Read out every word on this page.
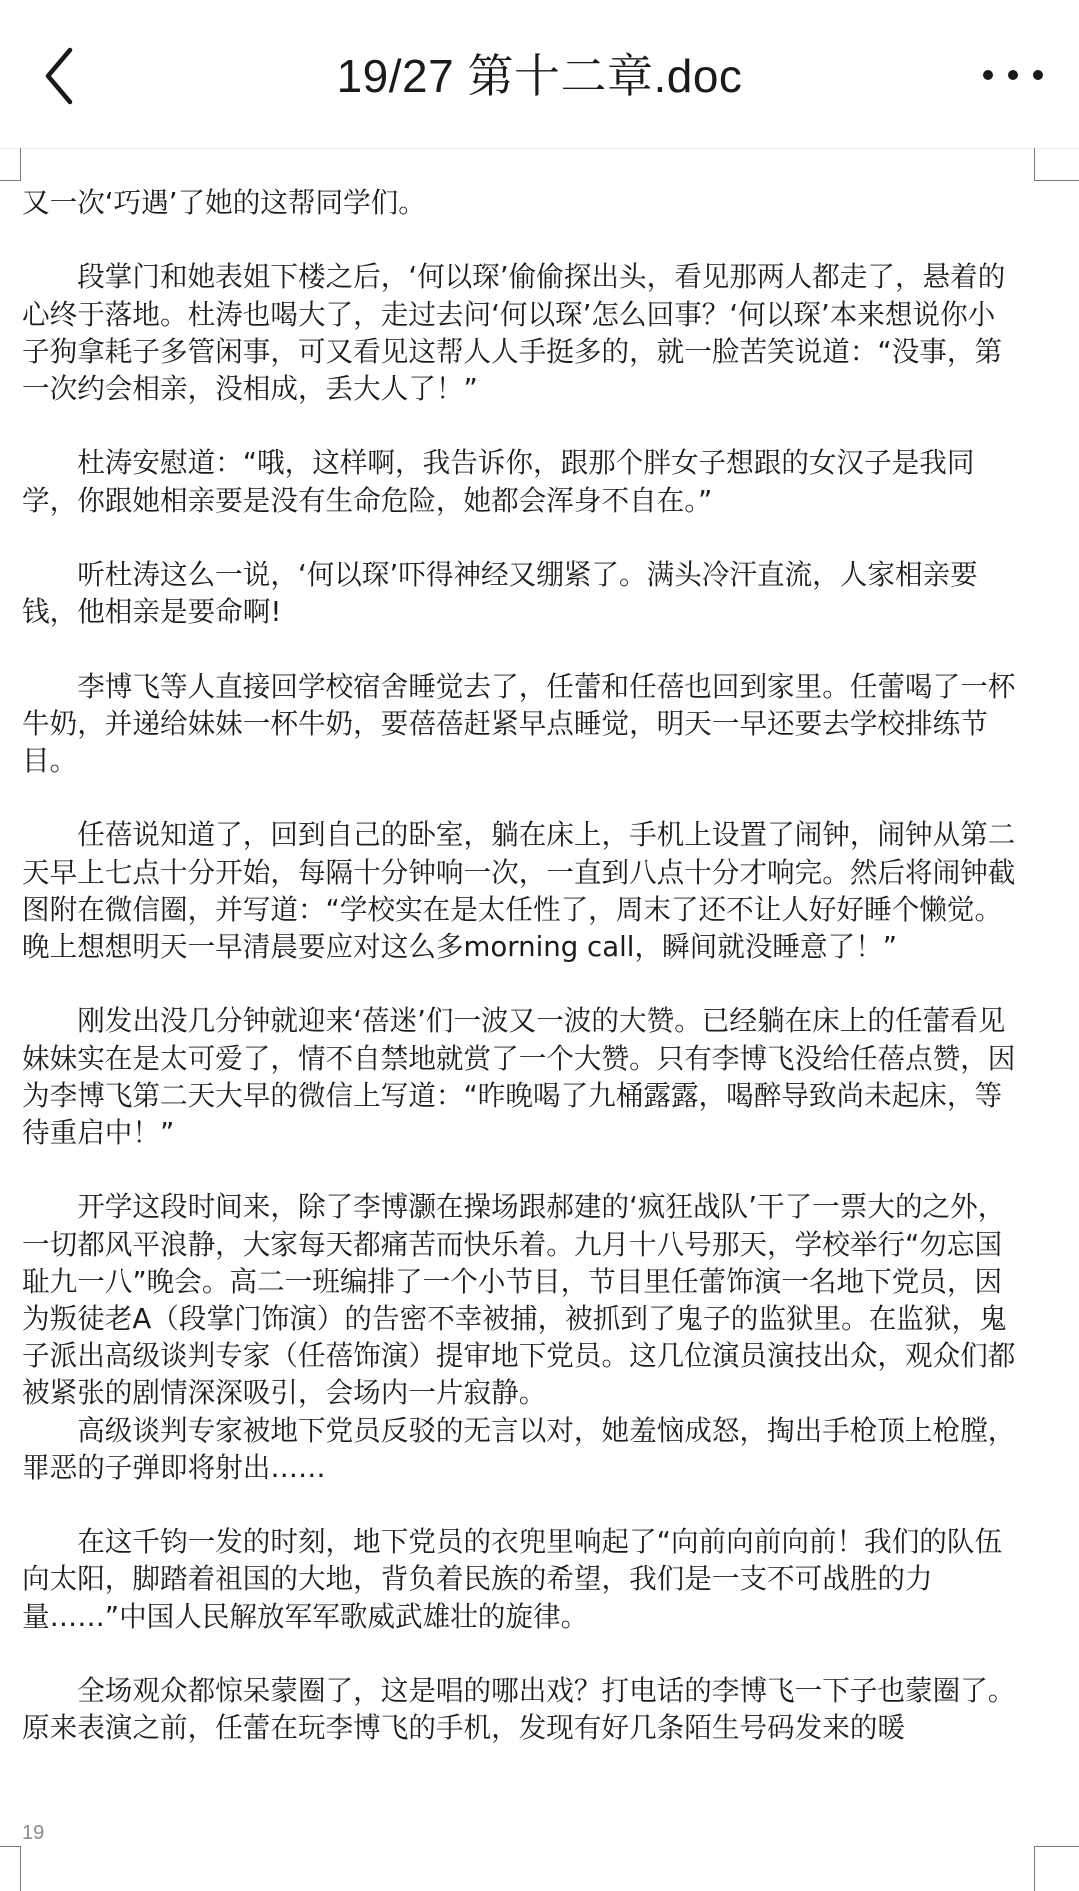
19/27 第十二章.doc

又一次‘巧遇’了她的这帮同学们。

段掌门和她表姐下楼之后，‘何以琛’偷偷探出头，看见那两人都走了，悬着的心终于落地。杜涛也喝大了，走过去问‘何以琛’怎么回事？‘何以琛’本来想说你小子狗拿耗子多管闲事，可又看见这帮人人手挺多的，就一脸苦笑说道：“没事，第一次约会相亲，没相成，丢大人了！”

杜涛安慰道：“哦，这样啊，我告诉你，跟那个胖女子想跟的女汉子是我同学，你跟她相亲要是没有生命危险，她都会浑身不自在。”

听杜涛这么一说，‘何以琛’吓得神经又绷紧了。满头冷汗直流，人家相亲要钱，他相亲是要命啊!

李博飞等人直接回学校宿舍睡觉去了，任蕾和任蓓也回到家里。任蕾喝了一杯牛奶，并递给妹妹一杯牛奶，要蓓蓓赶紧早点睡觉，明天一早还要去学校排练节目。

任蓓说知道了，回到自己的卧室，躺在床上，手机上设置了闹钟，闹钟从第二天早上七点十分开始，每隔十分钟响一次，一直到八点十分才响完。然后将闹钟截图附在微信圈，并写道：“学校实在是太任性了，周末了还不让人好好睡个懒觉。晚上想想明天一早清晨要应对这么多morning call，瞬间就没睡意了！”

刚发出没几分钟就迎来‘蓓迷’们一波又一波的大赞。已经躺在床上的任蕾看见妹妹实在是太可爱了，情不自禁地就赏了一个大赞。只有李博飞没给任蓓点赞，因为李博飞第二天大早的微信上写道：“昨晚喝了九桶露露，喝醉导致尚未起床，等待重启中！”

开学这段时间来，除了李博灏在操场跟郝建的‘疯狂战队’干了一票大的之外，一切都风平浪静，大家每天都痛苦而快乐着。九月十八号那天，学校举行“勿忘国耻九一八”晚会。高二一班编排了一个小节目，节目里任蕾饰演一名地下党员，因为叛徒老A（段掌门饰演）的告密不幸被捕，被抓到了鬼子的监狱里。在监狱，鬼子派出高级谈判专家（任蓓饰演）提审地下党员。这几位演员演技出众，观众们都被紧张的剧情深深吸引，会场内一片寂静。

高级谈判专家被地下党员反驳的无言以对，她羞恼成怒，掏出手枪顶上枪膛，罪恶的子弹即将射出……

在这千钧一发的时刻，地下党员的衣兜里响起了“向前向前向前！我们的队伍向太阳，脚踏着祖国的大地，背负着民族的希望，我们是一支不可战胜的力量……”中国人民解放军军歌威武雄壮的旋律。

全场观众都惊呆蒙圈了，这是唱的哪出戏？打电话的李博飞一下子也蒙圈了。原来表演之前，任蕾在玩李博飞的手机，发现有好几条陌生号码发来的暖

19
